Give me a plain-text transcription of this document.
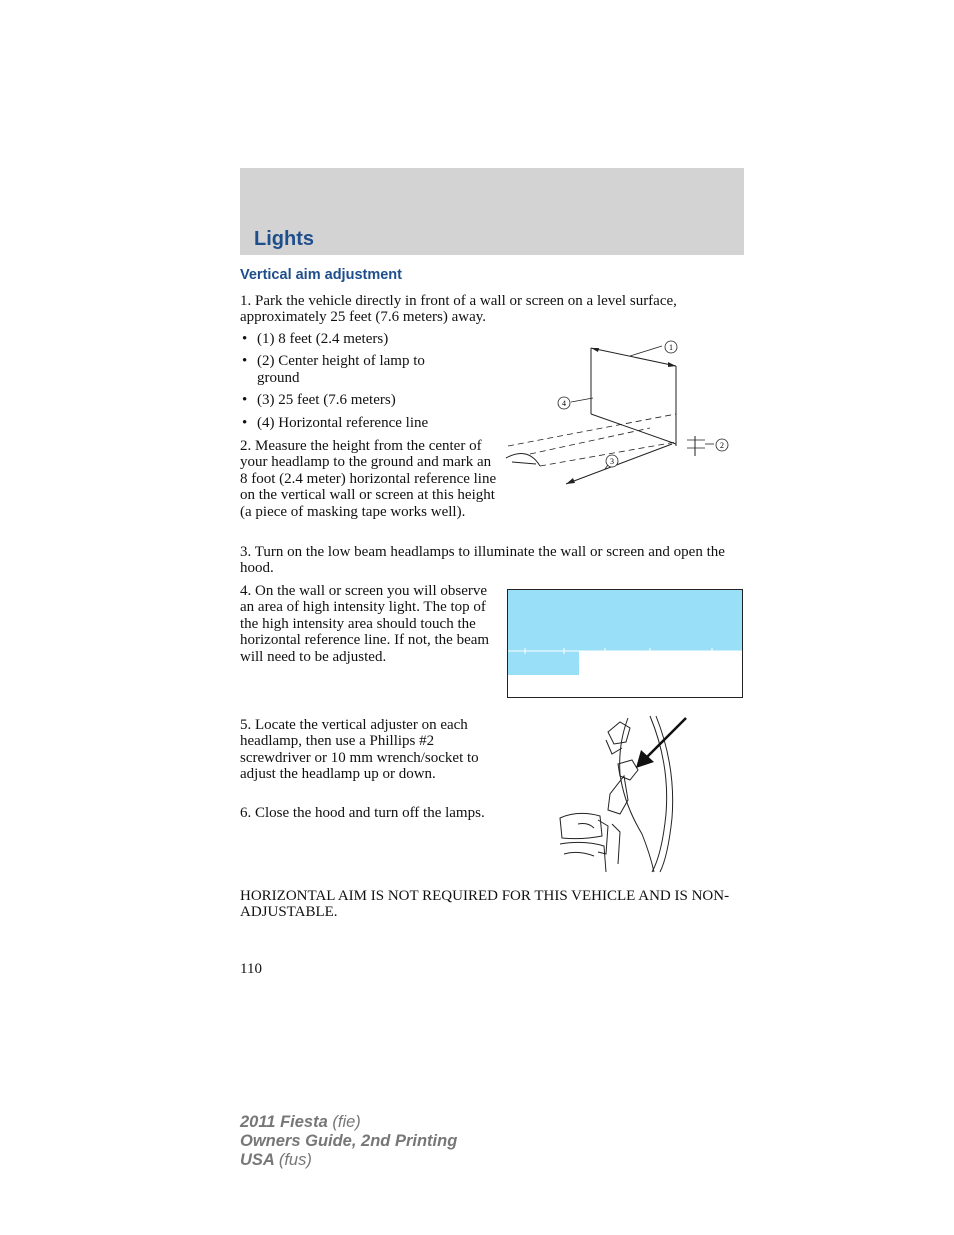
Lights
Vertical aim adjustment
1. Park the vehicle directly in front of a wall or screen on a level surface, approximately 25 feet (7.6 meters) away.
• (1) 8 feet (2.4 meters)
• (2) Center height of lamp to ground
• (3) 25 feet (7.6 meters)
• (4) Horizontal reference line
2. Measure the height from the center of your headlamp to the ground and mark an 8 foot (2.4 meter) horizontal reference line on the vertical wall or screen at this height (a piece of masking tape works well).
1
4
3
2
3. Turn on the low beam headlamps to illuminate the wall or screen and open the hood.
4. On the wall or screen you will observe an area of high intensity light. The top of the high intensity area should touch the horizontal reference line. If not, the beam will need to be adjusted.
5. Locate the vertical adjuster on each headlamp, then use a Phillips #2 screwdriver or 10 mm wrench/socket to adjust the headlamp up or down.
6. Close the hood and turn off the lamps.
HORIZONTAL AIM IS NOT REQUIRED FOR THIS VEHICLE AND IS NON-ADJUSTABLE.
110
2011 Fiesta (fie)
Owners Guide, 2nd Printing
USA (fus)
